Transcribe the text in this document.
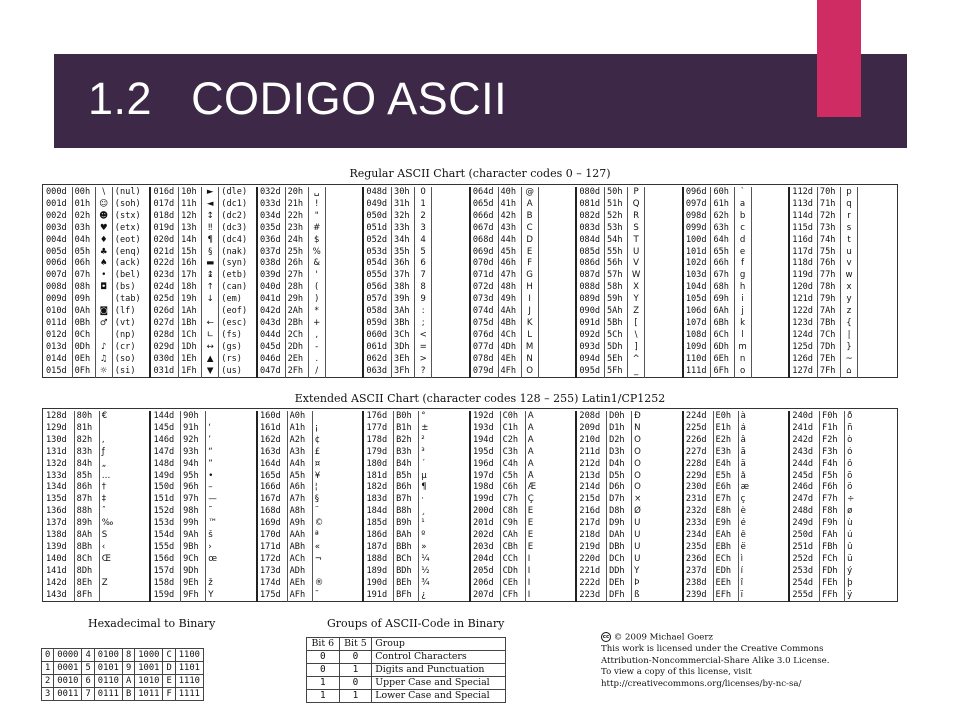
1.2   CODIGO ASCII
Regular ASCII Chart (character codes 0 – 127)
000d	00h	\	(nul)	016d	10h	►	(dle)	032d	20h	␣		048d	30h	0		064d	40h	@		080d	50h	P		096d	60h	`		112d	70h	p	
001d	01h	☺	(soh)	017d	11h	◄	(dc1)	033d	21h	!		049d	31h	1		065d	41h	A		081d	51h	Q		097d	61h	a		113d	71h	q	
002d	02h	☻	(stx)	018d	12h	↕	(dc2)	034d	22h	"		050d	32h	2		066d	42h	B		082d	52h	R		098d	62h	b		114d	72h	r	
003d	03h	♥	(etx)	019d	13h	‼	(dc3)	035d	23h	#		051d	33h	3		067d	43h	C		083d	53h	S		099d	63h	c		115d	73h	s	
004d	04h	♦	(eot)	020d	14h	¶	(dc4)	036d	24h	$		052d	34h	4		068d	44h	D		084d	54h	T		100d	64h	d		116d	74h	t	
005d	05h	♣	(enq)	021d	15h	§	(nak)	037d	25h	%		053d	35h	5		069d	45h	E		085d	55h	U		101d	65h	e		117d	75h	u	
006d	06h	♠	(ack)	022d	16h	▬	(syn)	038d	26h	&		054d	36h	6		070d	46h	F		086d	56h	V		102d	66h	f		118d	76h	v	
007d	07h	•	(bel)	023d	17h	↨	(etb)	039d	27h	'		055d	37h	7		071d	47h	G		087d	57h	W		103d	67h	g		119d	77h	w	
008d	08h	◘	(bs)	024d	18h	↑	(can)	040d	28h	(		056d	38h	8		072d	48h	H		088d	58h	X		104d	68h	h		120d	78h	x	
009d	09h		(tab)	025d	19h	↓	(em)	041d	29h	)		057d	39h	9		073d	49h	I		089d	59h	Y		105d	69h	i		121d	79h	y	
010d	0Ah	◙	(lf)	026d	1Ah		(eof)	042d	2Ah	*		058d	3Ah	:		074d	4Ah	J		090d	5Ah	Z		106d	6Ah	j		122d	7Ah	z	
011d	0Bh	♂	(vt)	027d	1Bh	←	(esc)	043d	2Bh	+		059d	3Bh	;		075d	4Bh	K		091d	5Bh	[		107d	6Bh	k		123d	7Bh	{	
012d	0Ch		(np)	028d	1Ch	∟	(fs)	044d	2Ch	,		060d	3Ch	<		076d	4Ch	L		092d	5Ch	\		108d	6Ch	l		124d	7Ch	|	
013d	0Dh	♪	(cr)	029d	1Dh	↔	(gs)	045d	2Dh	-		061d	3Dh	=		077d	4Dh	M		093d	5Dh	]		109d	6Dh	m		125d	7Dh	}	
014d	0Eh	♫	(so)	030d	1Eh	▲	(rs)	046d	2Eh	.		062d	3Eh	>		078d	4Eh	N		094d	5Eh	^		110d	6Eh	n		126d	7Eh	~	
015d	0Fh	☼	(si)	031d	1Fh	▼	(us)	047d	2Fh	/		063d	3Fh	?		079d	4Fh	O		095d	5Fh	_		111d	6Fh	o		127d	7Fh	⌂	
Extended ASCII Chart (character codes 128 – 255) Latin1/CP1252
128d	80h	€	144d	90h		160d	A0h		176d	B0h	°	192d	C0h	À	208d	D0h	Ð	224d	E0h	à	240d	F0h	ð
129d	81h		145d	91h	‘	161d	A1h	¡	177d	B1h	±	193d	C1h	Á	209d	D1h	Ñ	225d	E1h	á	241d	F1h	ñ
130d	82h	‚	146d	92h	’	162d	A2h	¢	178d	B2h	²	194d	C2h	Â	210d	D2h	Ò	226d	E2h	â	242d	F2h	ò
131d	83h	ƒ	147d	93h	“	163d	A3h	£	179d	B3h	³	195d	C3h	Ã	211d	D3h	Ó	227d	E3h	ã	243d	F3h	ó
132d	84h	„	148d	94h	”	164d	A4h	¤	180d	B4h	´	196d	C4h	Ä	212d	D4h	Ô	228d	E4h	ä	244d	F4h	ô
133d	85h	…	149d	95h	•	165d	A5h	¥	181d	B5h	µ	197d	C5h	Å	213d	D5h	Õ	229d	E5h	å	245d	F5h	õ
134d	86h	†	150d	96h	–	166d	A6h	¦	182d	B6h	¶	198d	C6h	Æ	214d	D6h	Ö	230d	E6h	æ	246d	F6h	ö
135d	87h	‡	151d	97h	—	167d	A7h	§	183d	B7h	·	199d	C7h	Ç	215d	D7h	×	231d	E7h	ç	247d	F7h	÷
136d	88h	ˆ	152d	98h	˜	168d	A8h	¨	184d	B8h	¸	200d	C8h	È	216d	D8h	Ø	232d	E8h	è	248d	F8h	ø
137d	89h	‰	153d	99h	™	169d	A9h	©	185d	B9h	¹	201d	C9h	É	217d	D9h	Ù	233d	E9h	é	249d	F9h	ù
138d	8Ah	Š	154d	9Ah	š	170d	AAh	ª	186d	BAh	º	202d	CAh	Ê	218d	DAh	Ú	234d	EAh	ê	250d	FAh	ú
139d	8Bh	‹	155d	9Bh	›	171d	ABh	«	187d	BBh	»	203d	CBh	Ë	219d	DBh	Û	235d	EBh	ë	251d	FBh	û
140d	8Ch	Œ	156d	9Ch	œ	172d	ACh	¬	188d	BCh	¼	204d	CCh	Ì	220d	DCh	Ü	236d	ECh	ì	252d	FCh	ü
141d	8Dh		157d	9Dh		173d	ADh		189d	BDh	½	205d	CDh	Í	221d	DDh	Ý	237d	EDh	í	253d	FDh	ý
142d	8Eh	Ž	158d	9Eh	ž	174d	AEh	®	190d	BEh	¾	206d	CEh	Î	222d	DEh	Þ	238d	EEh	î	254d	FEh	þ
143d	8Fh		159d	9Fh	Ÿ	175d	AFh	¯	191d	BFh	¿	207d	CFh	Ï	223d	DFh	ß	239d	EFh	ï	255d	FFh	ÿ
Hexadecimal to Binary
0	0000	4	0100	8	1000	C	1100
1	0001	5	0101	9	1001	D	1101
2	0010	6	0110	A	1010	E	1110
3	0011	7	0111	B	1011	F	1111
Groups of ASCII-Code in Binary
Bit 6	Bit 5	Group
0	0	Control Characters
0	1	Digits and Punctuation
1	0	Upper Case and Special
1	1	Lower Case and Special
cc © 2009 Michael Goerz
This work is licensed under the Creative Commons
Attribution-Noncommercial-Share Alike 3.0 License.
To view a copy of this license, visit
http://creativecommons.org/licenses/by-nc-sa/
